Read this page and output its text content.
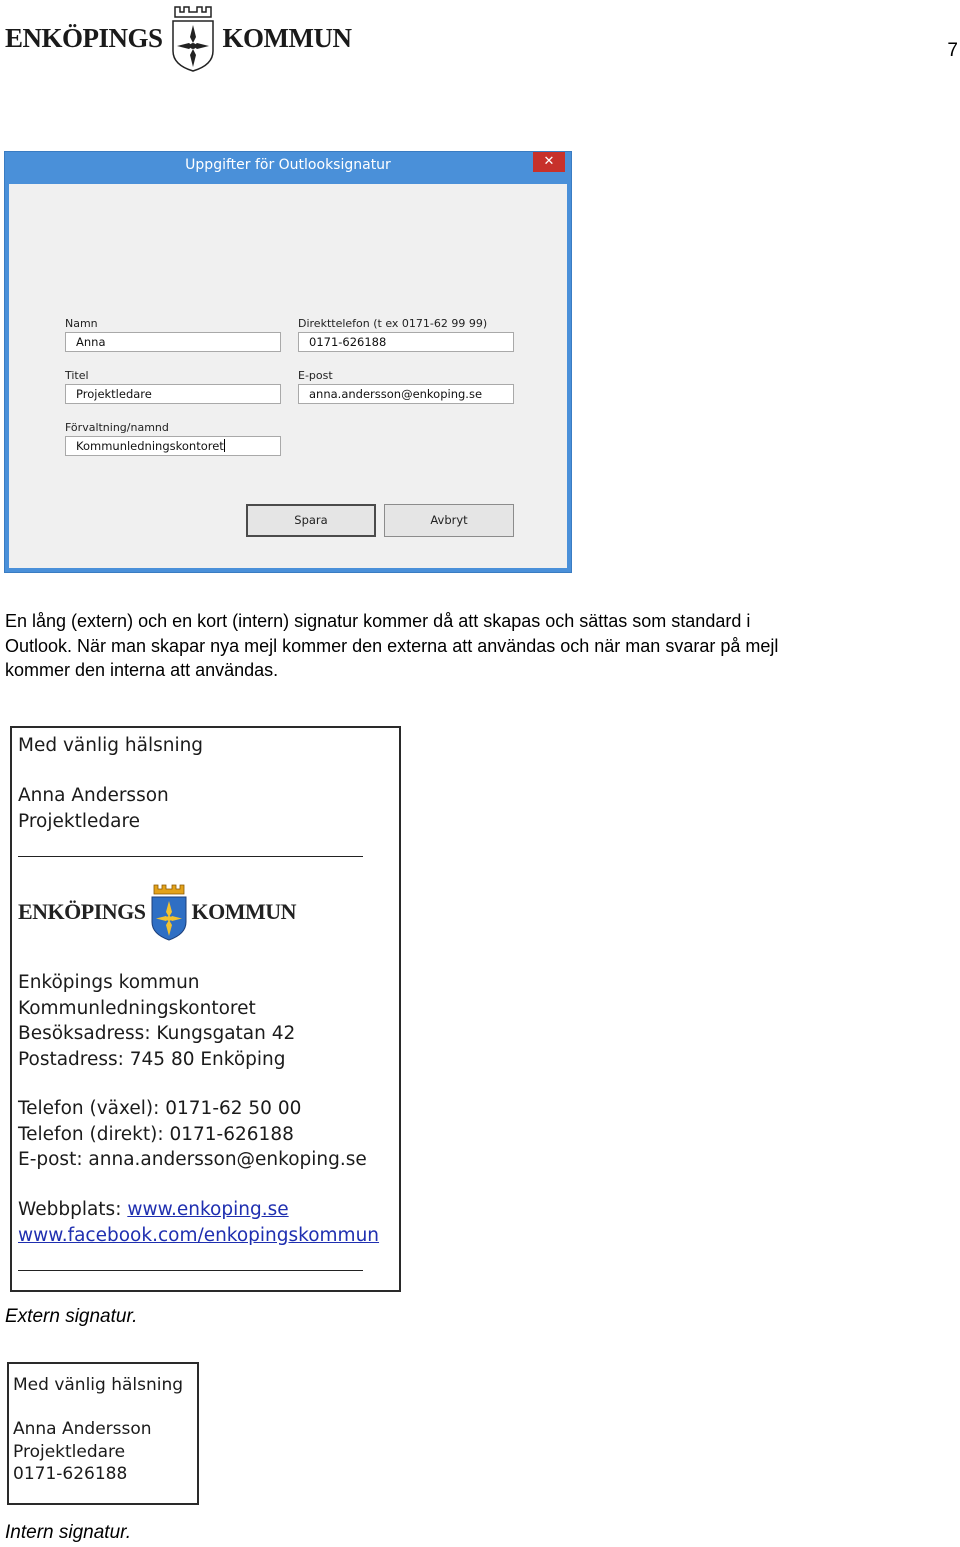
ENKÖPINGS KOMMUN	7
Uppgifter för Outlooksignatur	✕
Namn
Anna
Direkttelefon (t ex 0171-62 99 99)
0171-626188
Titel
Projektledare
E-post
anna.andersson@enkoping.se
Förvaltning/namnd
Kommunledningskontoret
Spara	Avbryt

En lång (extern) och en kort (intern) signatur kommer då att skapas och sättas som standard i
Outlook. När man skapar nya mejl kommer den externa att användas och när man svarar på mejl
kommer den interna att användas.

Med vänlig hälsning
Anna Andersson
Projektledare
ENKÖPINGS KOMMUN
Enköpings kommun
Kommunledningskontoret
Besöksadress: Kungsgatan 42
Postadress: 745 80 Enköping
Telefon (växel): 0171-62 50 00
Telefon (direkt): 0171-626188
E-post: anna.andersson@enkoping.se
Webbplats: www.enkoping.se
www.facebook.com/enkopingskommun

Extern signatur.

Med vänlig hälsning
Anna Andersson
Projektledare
0171-626188

Intern signatur.
